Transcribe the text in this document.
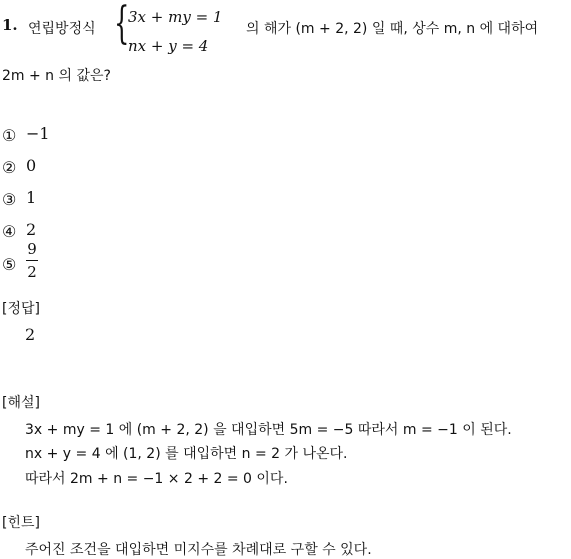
1. 연립방정식 {
3x + my = 1
nx + y = 4
의 해가 (m + 2, 2) 일 때, 상수 m, n 에 대하여
2m + n 의 값은?
① −1
② 0
③ 1
④ 2
⑤
9
2
[정답]
2
[해설]
3x + my = 1 에 (m + 2, 2) 을 대입하면 5m = −5 따라서 m = −1 이 된다.
nx + y = 4 에 (1, 2) 를 대입하면 n = 2 가 나온다.
따라서 2m + n = −1 × 2 + 2 = 0 이다.
[힌트]
주어진 조건을 대입하면 미지수를 차례대로 구할 수 있다.
